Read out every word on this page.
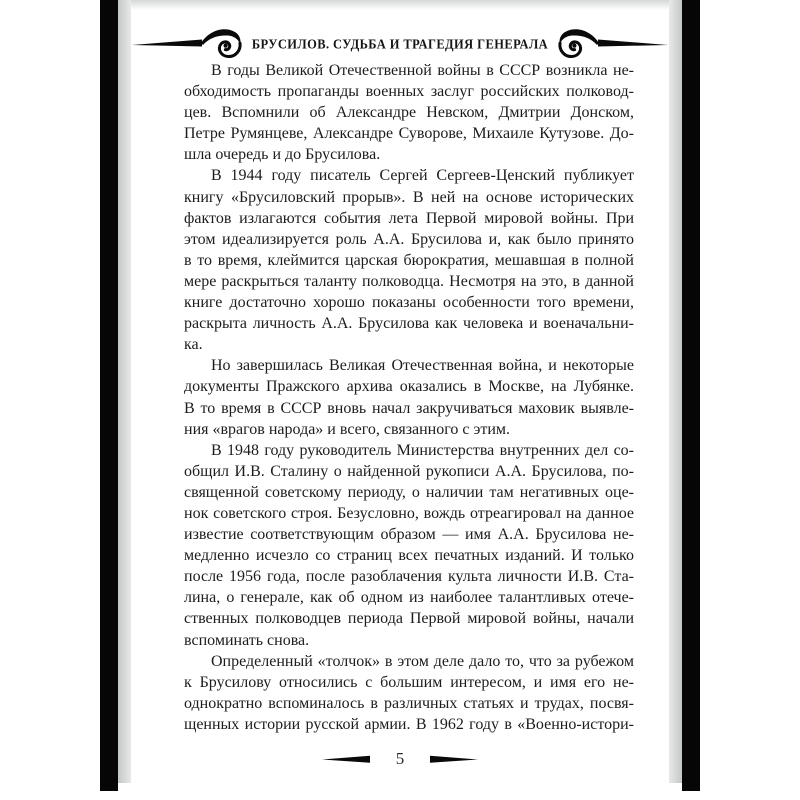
БРУСИЛОВ. СУДЬБА И ТРАГЕДИЯ ГЕНЕРАЛА
В годы Великой Отечественной войны в СССР возникла не-
обходимость пропаганды военных заслуг российских полковод-
цев. Вспомнили об Александре Невском, Дмитрии Донском,
Петре Румянцеве, Александре Суворове, Михаиле Кутузове. До-
шла очередь и до Брусилова.
В 1944 году писатель Сергей Сергеев-Ценский публикует
книгу «Брусиловский прорыв». В ней на основе исторических
фактов излагаются события лета Первой мировой войны. При
этом идеализируется роль А.А. Брусилова и, как было принято
в то время, клеймится царская бюрократия, мешавшая в полной
мере раскрыться таланту полководца. Несмотря на это, в данной
книге достаточно хорошо показаны особенности того времени,
раскрыта личность А.А. Брусилова как человека и военачальни-
ка.
Но завершилась Великая Отечественная война, и некоторые
документы Пражского архива оказались в Москве, на Лубянке.
В то время в СССР вновь начал закручиваться маховик выявле-
ния «врагов народа» и всего, связанного с этим.
В 1948 году руководитель Министерства внутренних дел со-
общил И.В. Сталину о найденной рукописи А.А. Брусилова, по-
священной советскому периоду, о наличии там негативных оце-
нок советского строя. Безусловно, вождь отреагировал на данное
известие соответствующим образом — имя А.А. Брусилова не-
медленно исчезло со страниц всех печатных изданий. И только
после 1956 года, после разоблачения культа личности И.В. Ста-
лина, о генерале, как об одном из наиболее талантливых отече-
ственных полководцев периода Первой мировой войны, начали
вспоминать снова.
Определенный «толчок» в этом деле дало то, что за рубежом
к Брусилову относились с большим интересом, и имя его не-
однократно вспоминалось в различных статьях и трудах, посвя-
щенных истории русской армии. В 1962 году в «Военно-истори-
5
